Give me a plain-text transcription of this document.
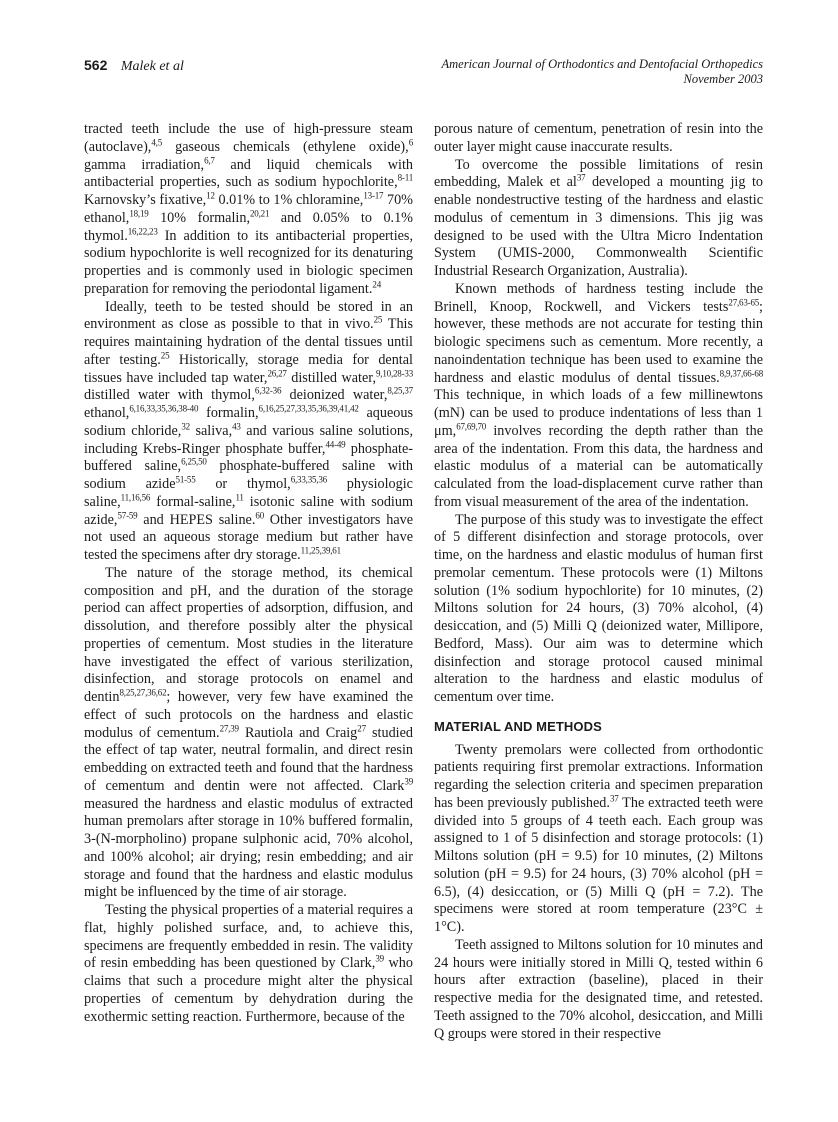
562 Malek et al	American Journal of Orthodontics and Dentofacial Orthopedics
November 2003

tracted teeth include the use of high-pressure steam (autoclave),$^{4,5}$ gaseous chemicals (ethylene oxide),$^6$ gamma irradiation,$^{6,7}$ and liquid chemicals with antibacterial properties, such as sodium hypochlorite,$^{8-11}$ Karnovsky’s fixative,$^{12}$ 0.01% to 1% chloramine,$^{13-17}$ 70% ethanol,$^{18,19}$ 10% formalin,$^{20,21}$ and 0.05% to 0.1% thymol.$^{16,22,23}$ In addition to its antibacterial properties, sodium hypochlorite is well recognized for its denaturing properties and is commonly used in biologic specimen preparation for removing the periodontal ligament.$^{24}$

Ideally, teeth to be tested should be stored in an environment as close as possible to that in vivo.$^{25}$ This requires maintaining hydration of the dental tissues until after testing.$^{25}$ Historically, storage media for dental tissues have included tap water,$^{26,27}$ distilled water,$^{9,10,28-33}$ distilled water with thymol,$^{6,32-36}$ deionized water,$^{8,25,37}$ ethanol,$^{6,16,33,35,36,38-40}$ formalin,$^{6,16,25,27,33,35,36,39,41,42}$ aqueous sodium chloride,$^{32}$ saliva,$^{43}$ and various saline solutions, including Krebs-Ringer phosphate buffer,$^{44-49}$ phosphate-buffered saline,$^{6,25,50}$ phosphate-buffered saline with sodium azide$^{51-55}$ or thymol,$^{6,33,35,36}$ physiologic saline,$^{11,16,56}$ formal-saline,$^{11}$ isotonic saline with sodium azide,$^{57-59}$ and HEPES saline.$^{60}$ Other investigators have not used an aqueous storage medium but rather have tested the specimens after dry storage.$^{11,25,39,61}$

The nature of the storage method, its chemical composition and pH, and the duration of the storage period can affect properties of adsorption, diffusion, and dissolution, and therefore possibly alter the physical properties of cementum. Most studies in the literature have investigated the effect of various sterilization, disinfection, and storage protocols on enamel and dentin$^{8,25,27,36,62}$; however, very few have examined the effect of such protocols on the hardness and elastic modulus of cementum.$^{27,39}$ Rautiola and Craig$^{27}$ studied the effect of tap water, neutral formalin, and direct resin embedding on extracted teeth and found that the hardness of cementum and dentin were not affected. Clark$^{39}$ measured the hardness and elastic modulus of extracted human premolars after storage in 10% buffered formalin, 3-(N-morpholino) propane sulphonic acid, 70% alcohol, and 100% alcohol; air drying; resin embedding; and air storage and found that the hardness and elastic modulus might be influenced by the time of air storage.

Testing the physical properties of a material requires a flat, highly polished surface, and, to achieve this, specimens are frequently embedded in resin. The validity of resin embedding has been questioned by Clark,$^{39}$ who claims that such a procedure might alter the physical properties of cementum by dehydration during the exothermic setting reaction. Furthermore, because of the

porous nature of cementum, penetration of resin into the outer layer might cause inaccurate results.

To overcome the possible limitations of resin embedding, Malek et $al^{37}$ developed a mounting jig to enable nondestructive testing of the hardness and elastic modulus of cementum in 3 dimensions. This jig was designed to be used with the Ultra Micro Indentation System (UMIS-2000, Commonwealth Scientific Industrial Research Organization, Australia).

Known methods of hardness testing include the Brinell, Knoop, Rockwell, and Vickers tests$^{27,63-65}$; however, these methods are not accurate for testing thin biologic specimens such as cementum. More recently, a nanoindentation technique has been used to examine the hardness and elastic modulus of dental tissues.$^{8,9,37,66-68}$ This technique, in which loads of a few millinewtons (mN) can be used to produce indentations of less than 1 μm,$^{67,69,70}$ involves recording the depth rather than the area of the indentation. From this data, the hardness and elastic modulus of a material can be automatically calculated from the load-displacement curve rather than from visual measurement of the area of the indentation.

The purpose of this study was to investigate the effect of 5 different disinfection and storage protocols, over time, on the hardness and elastic modulus of human first premolar cementum. These protocols were (1) Miltons solution (1% sodium hypochlorite) for 10 minutes, (2) Miltons solution for 24 hours, (3) 70% alcohol, (4) desiccation, and (5) Milli Q (deionized water, Millipore, Bedford, Mass). Our aim was to determine which disinfection and storage protocol caused minimal alteration to the hardness and elastic modulus of cementum over time.

MATERIAL AND METHODS

Twenty premolars were collected from orthodontic patients requiring first premolar extractions. Information regarding the selection criteria and specimen preparation has been previously published.$^{37}$ The extracted teeth were divided into 5 groups of 4 teeth each. Each group was assigned to 1 of 5 disinfection and storage protocols: (1) Miltons solution (pH = 9.5) for 10 minutes, (2) Miltons solution (pH = 9.5) for 24 hours, (3) 70% alcohol (pH = 6.5), (4) desiccation, or (5) Milli Q (pH = 7.2). The specimens were stored at room temperature (23°C ± 1°C).

Teeth assigned to Miltons solution for 10 minutes and 24 hours were initially stored in Milli Q, tested within 6 hours after extraction (baseline), placed in their respective media for the designated time, and retested. Teeth assigned to the 70% alcohol, desiccation, and Milli Q groups were stored in their respective
